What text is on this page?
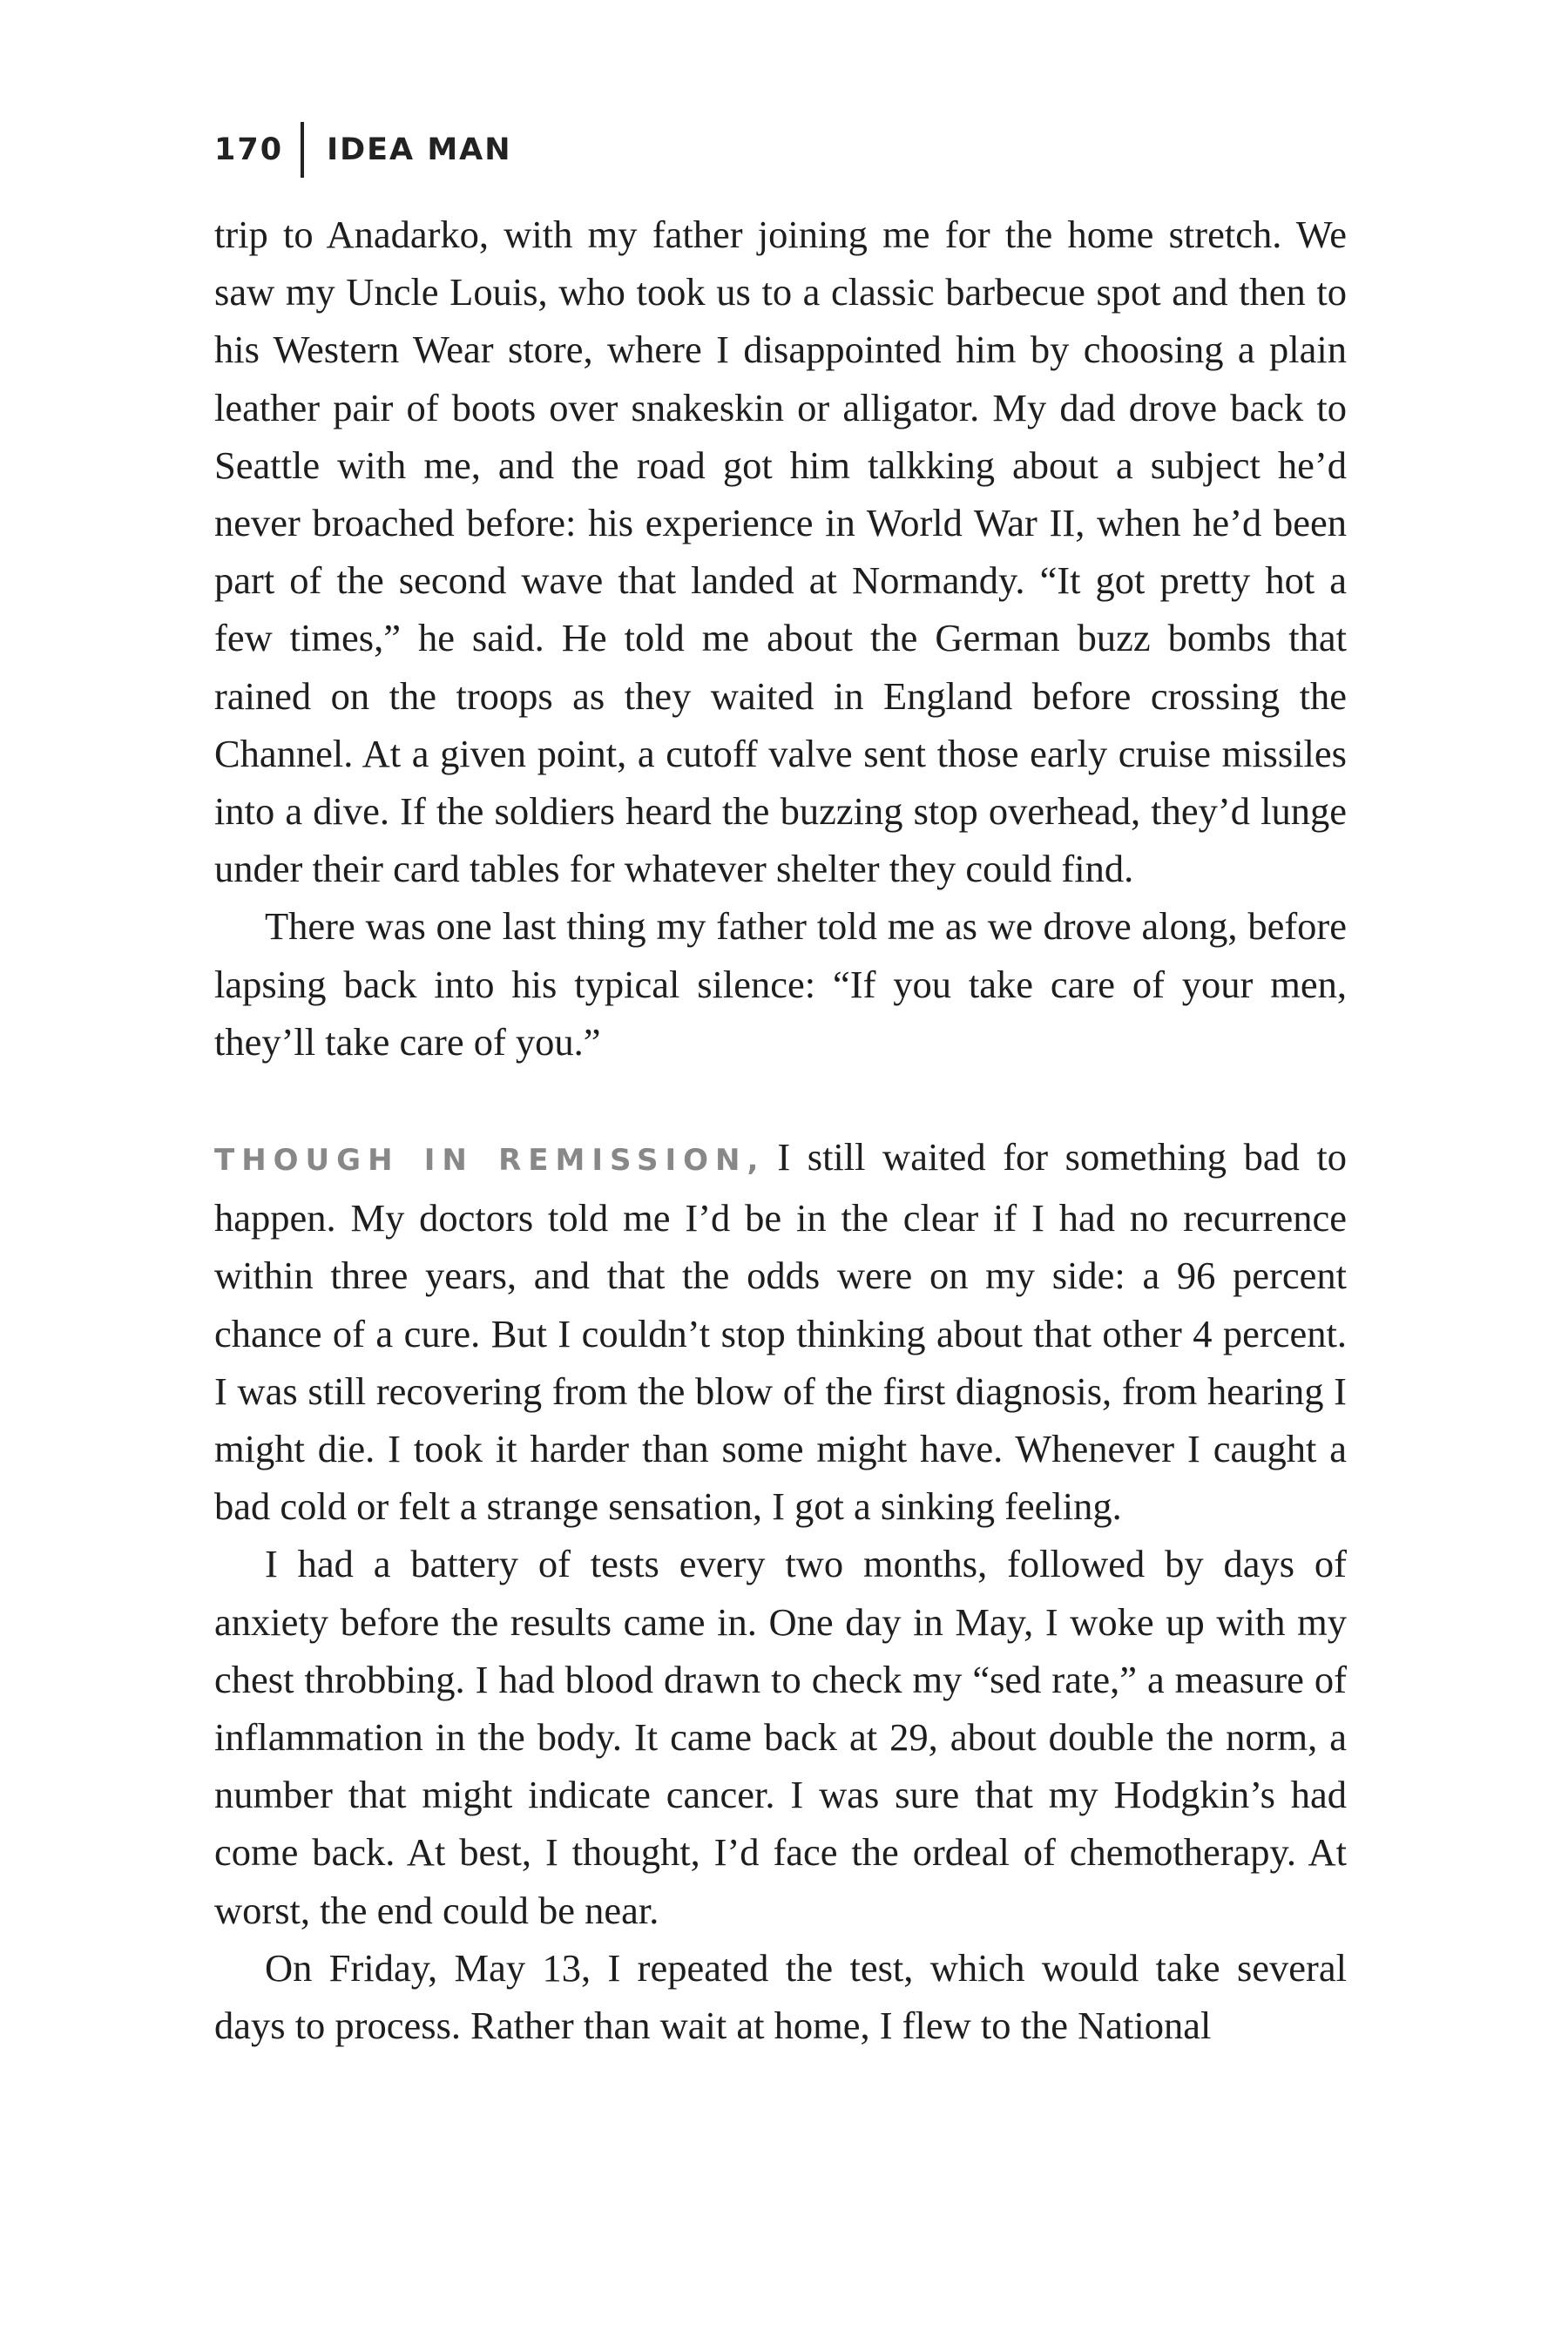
170 IDEA MAN

trip to Anadarko, with my father joining me for the home stretch. We saw my Uncle Louis, who took us to a classic barbecue spot and then to his Western Wear store, where I disappointed him by choosing a plain leather pair of boots over snakeskin or alligator. My dad drove back to Seattle with me, and the road got him talkking about a subject he’d never broached before: his experience in World War II, when he’d been part of the second wave that landed at Normandy. “It got pretty hot a few times,” he said. He told me about the German buzz bombs that rained on the troops as they waited in England before crossing the Channel. At a given point, a cutoff valve sent those early cruise missiles into a dive. If the soldiers heard the buzzing stop overhead, they’d lunge under their card tables for whatever shelter they could find.

There was one last thing my father told me as we drove along, before lapsing back into his typical silence: “If you take care of your men, they’ll take care of you.”

THOUGH IN REMISSION, I still waited for something bad to happen. My doctors told me I’d be in the clear if I had no recurrence within three years, and that the odds were on my side: a 96 percent chance of a cure. But I couldn’t stop thinking about that other 4 percent. I was still recovering from the blow of the first diagnosis, from hearing I might die. I took it harder than some might have. Whenever I caught a bad cold or felt a strange sensation, I got a sinking feeling.

I had a battery of tests every two months, followed by days of anxiety before the results came in. One day in May, I woke up with my chest throbbing. I had blood drawn to check my “sed rate,” a measure of inflammation in the body. It came back at 29, about double the norm, a number that might indicate cancer. I was sure that my Hodgkin’s had come back. At best, I thought, I’d face the ordeal of chemotherapy. At worst, the end could be near.

On Friday, May 13, I repeated the test, which would take several days to process. Rather than wait at home, I flew to the National
